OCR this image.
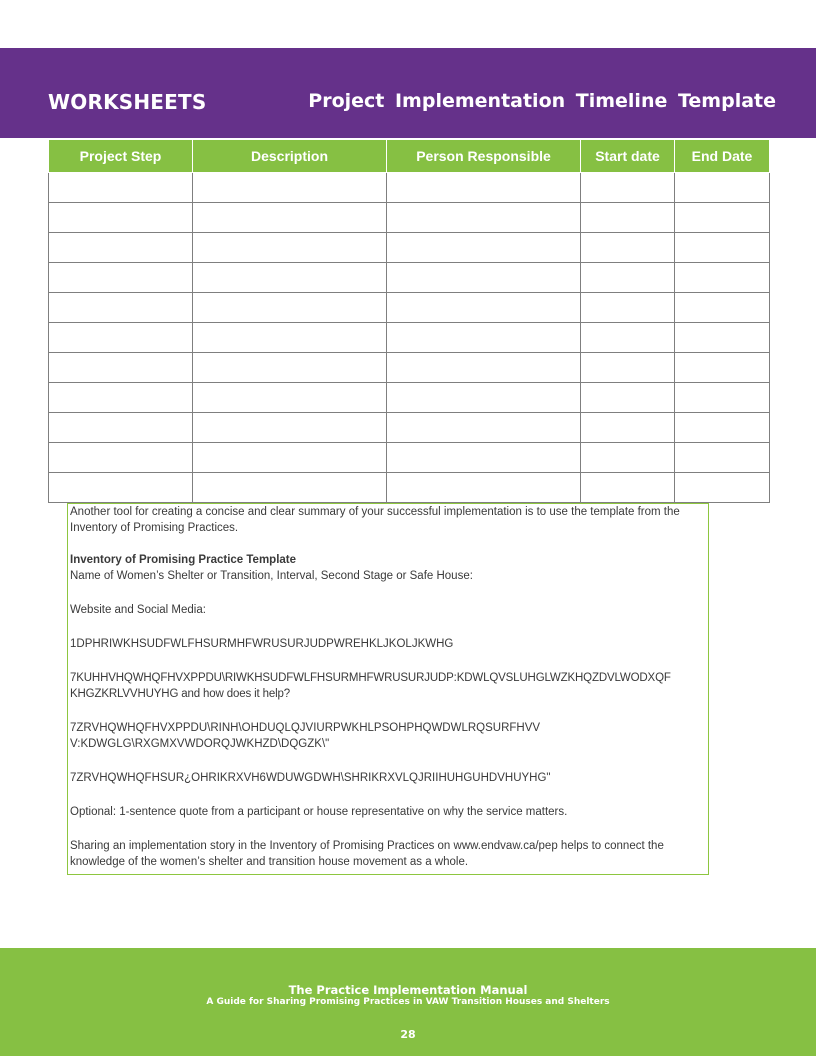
WORKSHEETS	Project Implementation Timeline Template
Project Step	Description	Person Responsible	Start date	End Date

Another tool for creating a concise and clear summary of your successful implementation is to use the template from the Inventory of Promising Practices.

Inventory of Promising Practice Template

Name of Women’s Shelter or Transition, Interval, Second Stage or Safe House:

Website and Social Media:

1DPHRIWKHSUDFWLFHSURMHFWRUSURJUDPWREHKLJKOLJKWHG

7KUHHVHQWHQFHVXPPDU\RIWKHSUDFWLFHSURMHFWRUSURJUDP:KDWLQVSLUHGLWZKHQZDVLWODXQF KHGZKRLVVHUYHG and how does it help?

7ZRVHQWHQFHVXPPDU\RINH\OHDUQLQJVIURPWKHLPSOHPHQWDWLRQSURFHVV V:KDWGLG\RXGMXVWDORQJWKHZD\DQGZK\"

7ZRVHQWHQFHSUR¿OHRIKRXVH6WDUWGDWH\SHRIKRXVLQJRIIHUHGUHDVHUYHG"

Optional: 1-sentence quote from a participant or house representative on why the service matters.

Sharing an implementation story in the Inventory of Promising Practices on www.endvaw.ca/pep helps to connect the knowledge of the women’s shelter and transition house movement as a whole.

The Practice Implementation Manual
A Guide for Sharing Promising Practices in VAW Transition Houses and Shelters
28
